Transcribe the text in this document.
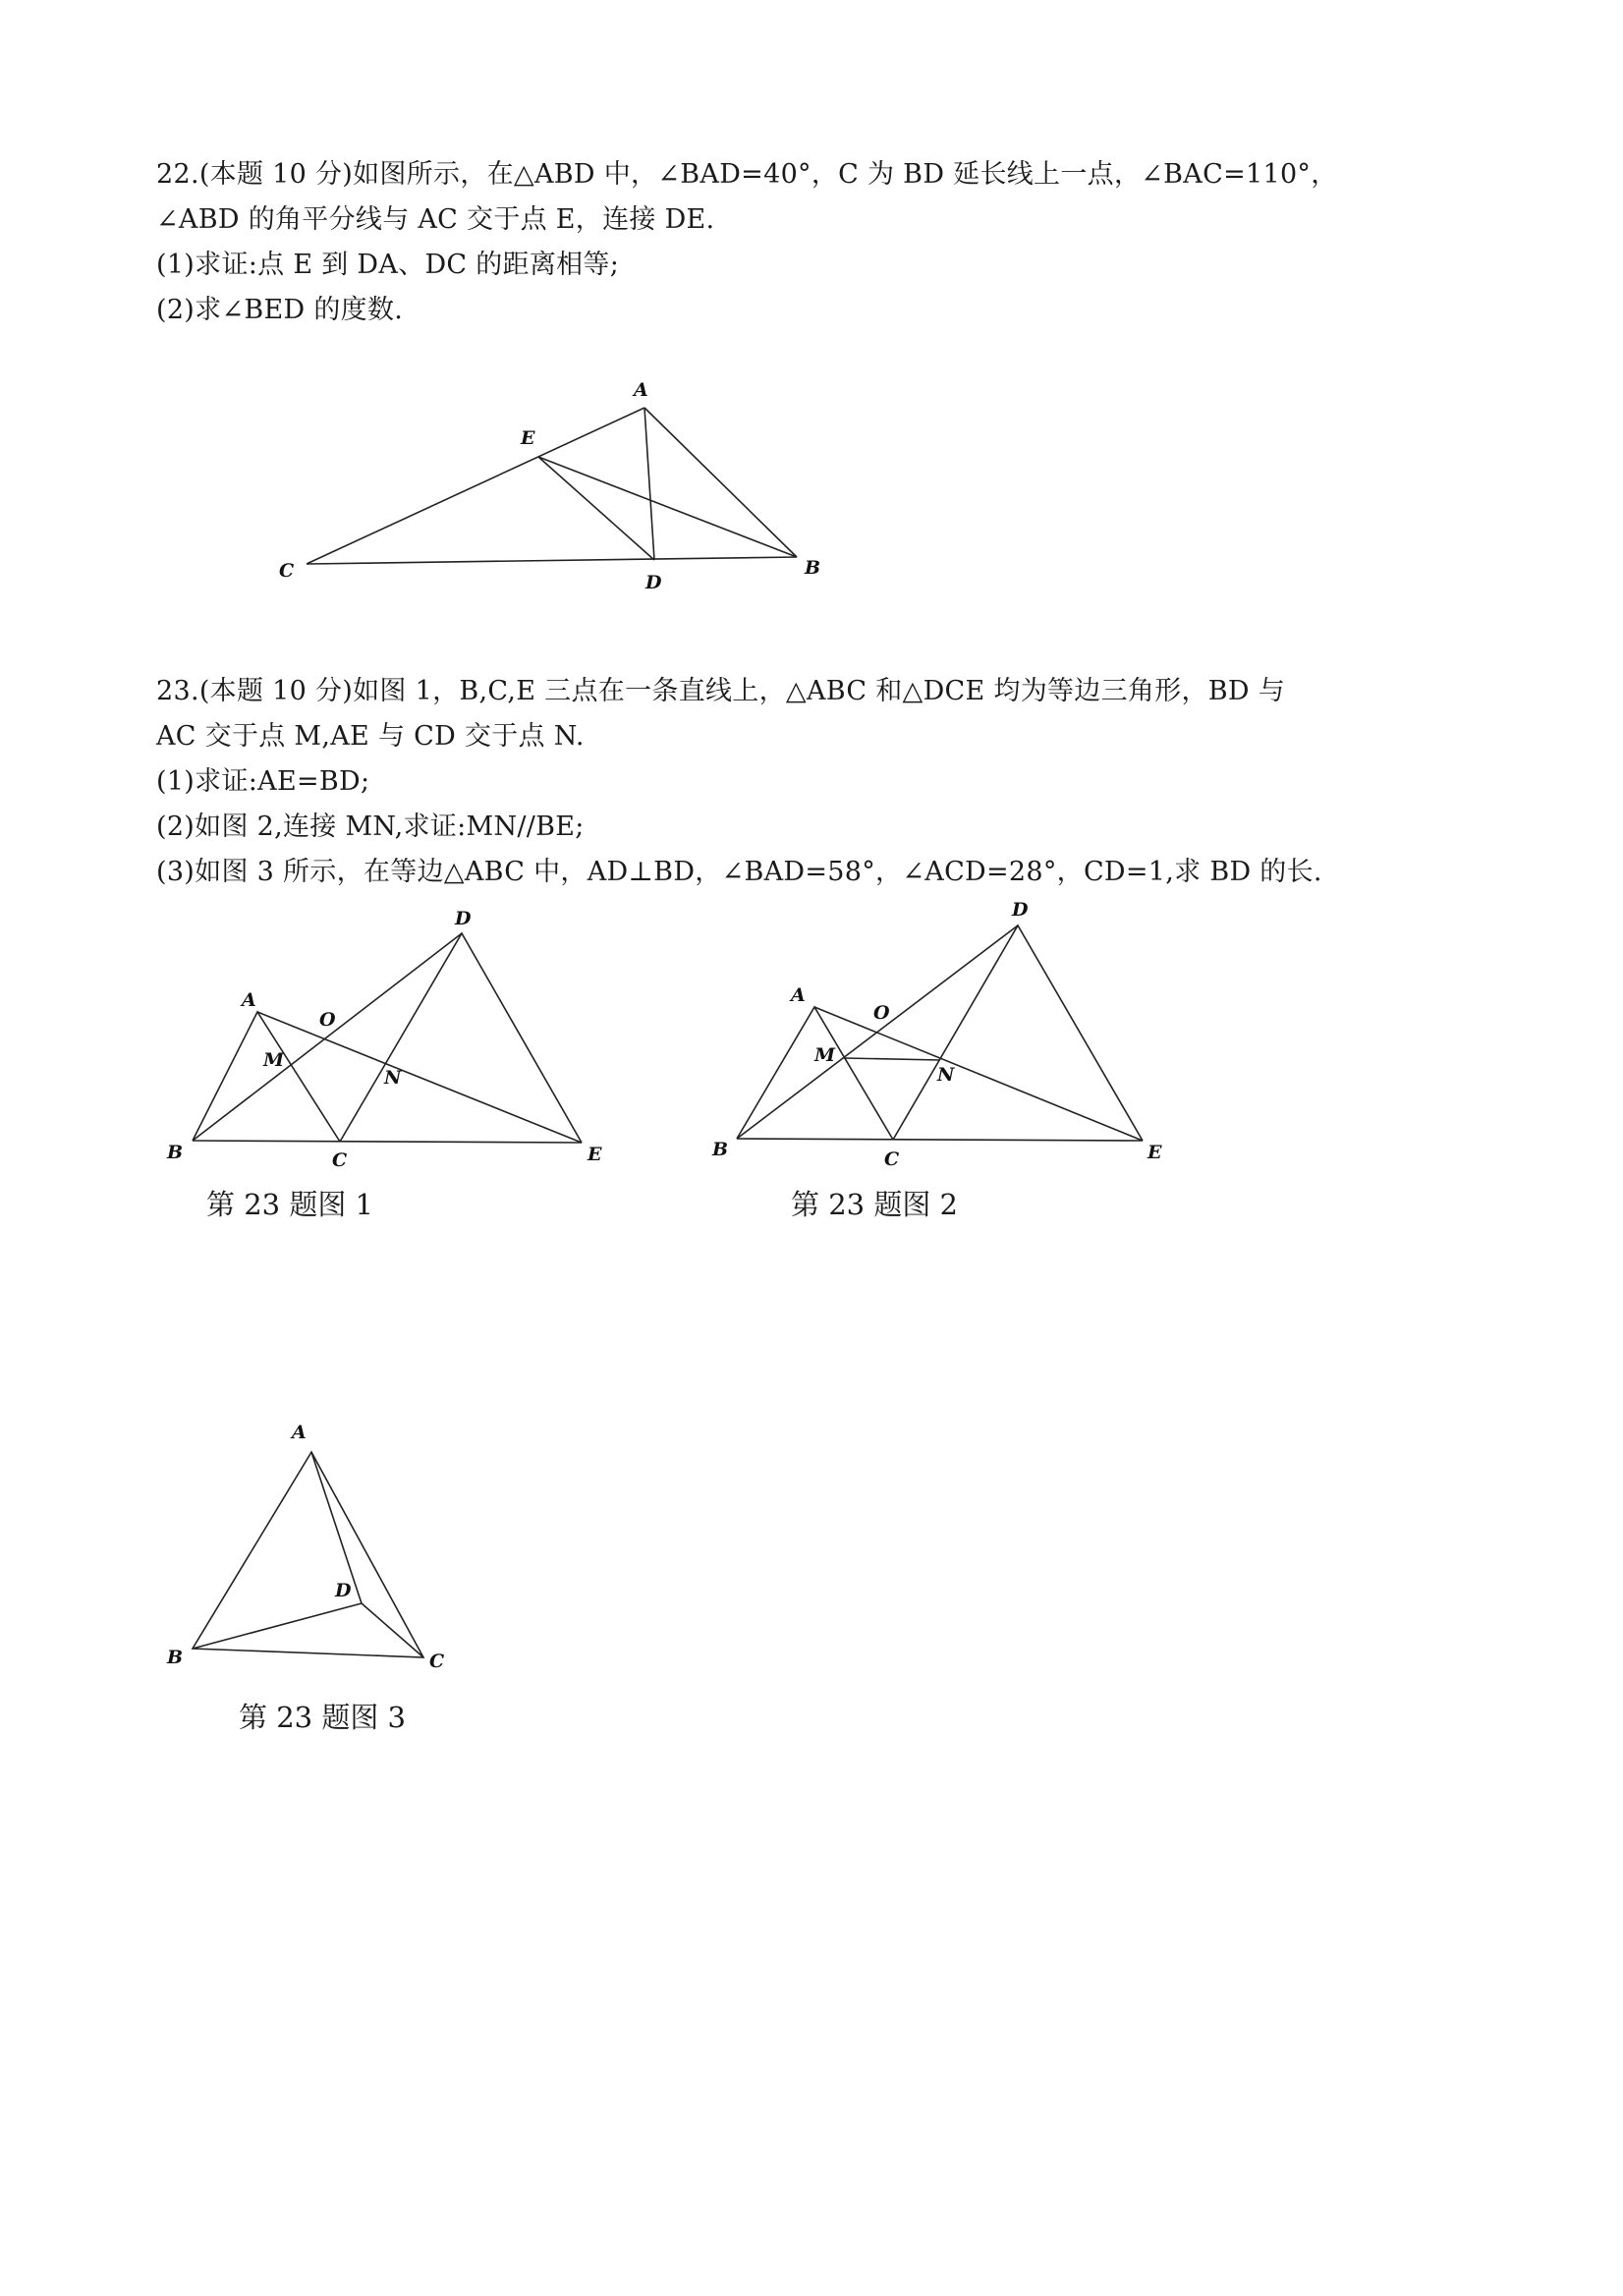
22.(本题 10 分)如图所示，在△ABD 中，∠BAD=40°，C 为 BD 延长线上一点，∠BAC=110°，
∠ABD 的角平分线与 AC 交于点 E，连接 DE.
(1)求证:点 E 到 DA、DC 的距离相等;
(2)求∠BED 的度数.
A
E
C
D
B
23.(本题 10 分)如图 1，B,C,E 三点在一条直线上，△ABC 和△DCE 均为等边三角形，BD 与
AC 交于点 M,AE 与 CD 交于点 N.
(1)求证:AE=BD;
(2)如图 2,连接 MN,求证:MN//BE;
(3)如图 3 所示，在等边△ABC 中，AD⊥BD，∠BAD=58°，∠ACD=28°，CD=1,求 BD 的长.
A
M
O
D
N
B	C	E
第 23 题图 1
A
M
O
D
N
B	C	E
第 23 题图 2
A
D
B	C
第 23 题图 3
